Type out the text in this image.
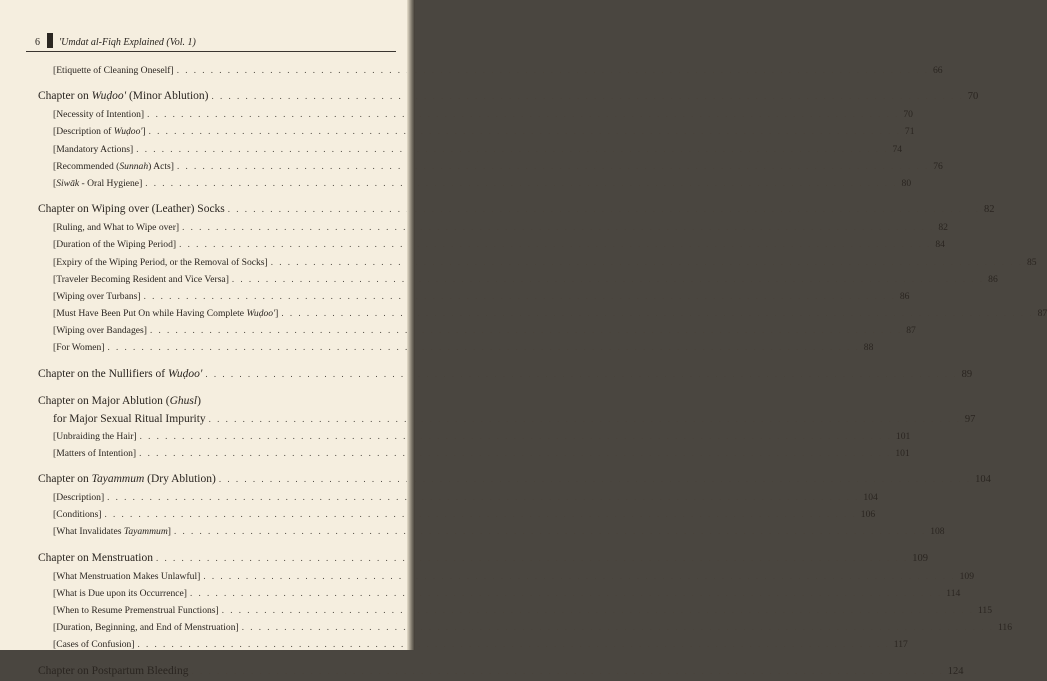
6 'Umdat al-Fiqh Explained (Vol. 1)
[Etiquette of Cleaning Oneself] . . .	66
Chapter on Wuḍoo' (Minor Ablution) . . .	70
[Necessity of Intention] . . .	70
[Description of Wuḍoo'] . . .	71
[Mandatory Actions] . . .	74
[Recommended (Sunnah) Acts] . . .	76
[Siwāk - Oral Hygiene] . . .	80
Chapter on Wiping over (Leather) Socks . . .	82
[Ruling, and What to Wipe over] . . .	82
[Duration of the Wiping Period] . . .	84
[Expiry of the Wiping Period, or the Removal of Socks] . . .	85
[Traveler Becoming Resident and Vice Versa] . . .	86
[Wiping over Turbans] . . .	86
[Must Have Been Put On while Having Complete Wuḍoo'] . . .	87
[Wiping over Bandages] . . .	87
[For Women] . . .	88
Chapter on the Nullifiers of Wuḍoo' . . .	89
Chapter on Major Ablution (Ghusl)
for Major Sexual Ritual Impurity . . .	97
[Unbraiding the Hair] . . .	101
[Matters of Intention] . . .	101
Chapter on Tayammum (Dry Ablution) . . .	104
[Description] . . .	104
[Conditions] . . .	106
[What Invalidates Tayammum] . . .	108
Chapter on Menstruation . . .	109
[What Menstruation Makes Unlawful] . . .	109
[What is Due upon its Occurrence] . . .	114
[When to Resume Premenstrual Functions] . . .	115
[Duration, Beginning, and End of Menstruation] . . .	116
[Cases of Confusion] . . .	117
Chapter on Postpartum Bleeding . . .	124
